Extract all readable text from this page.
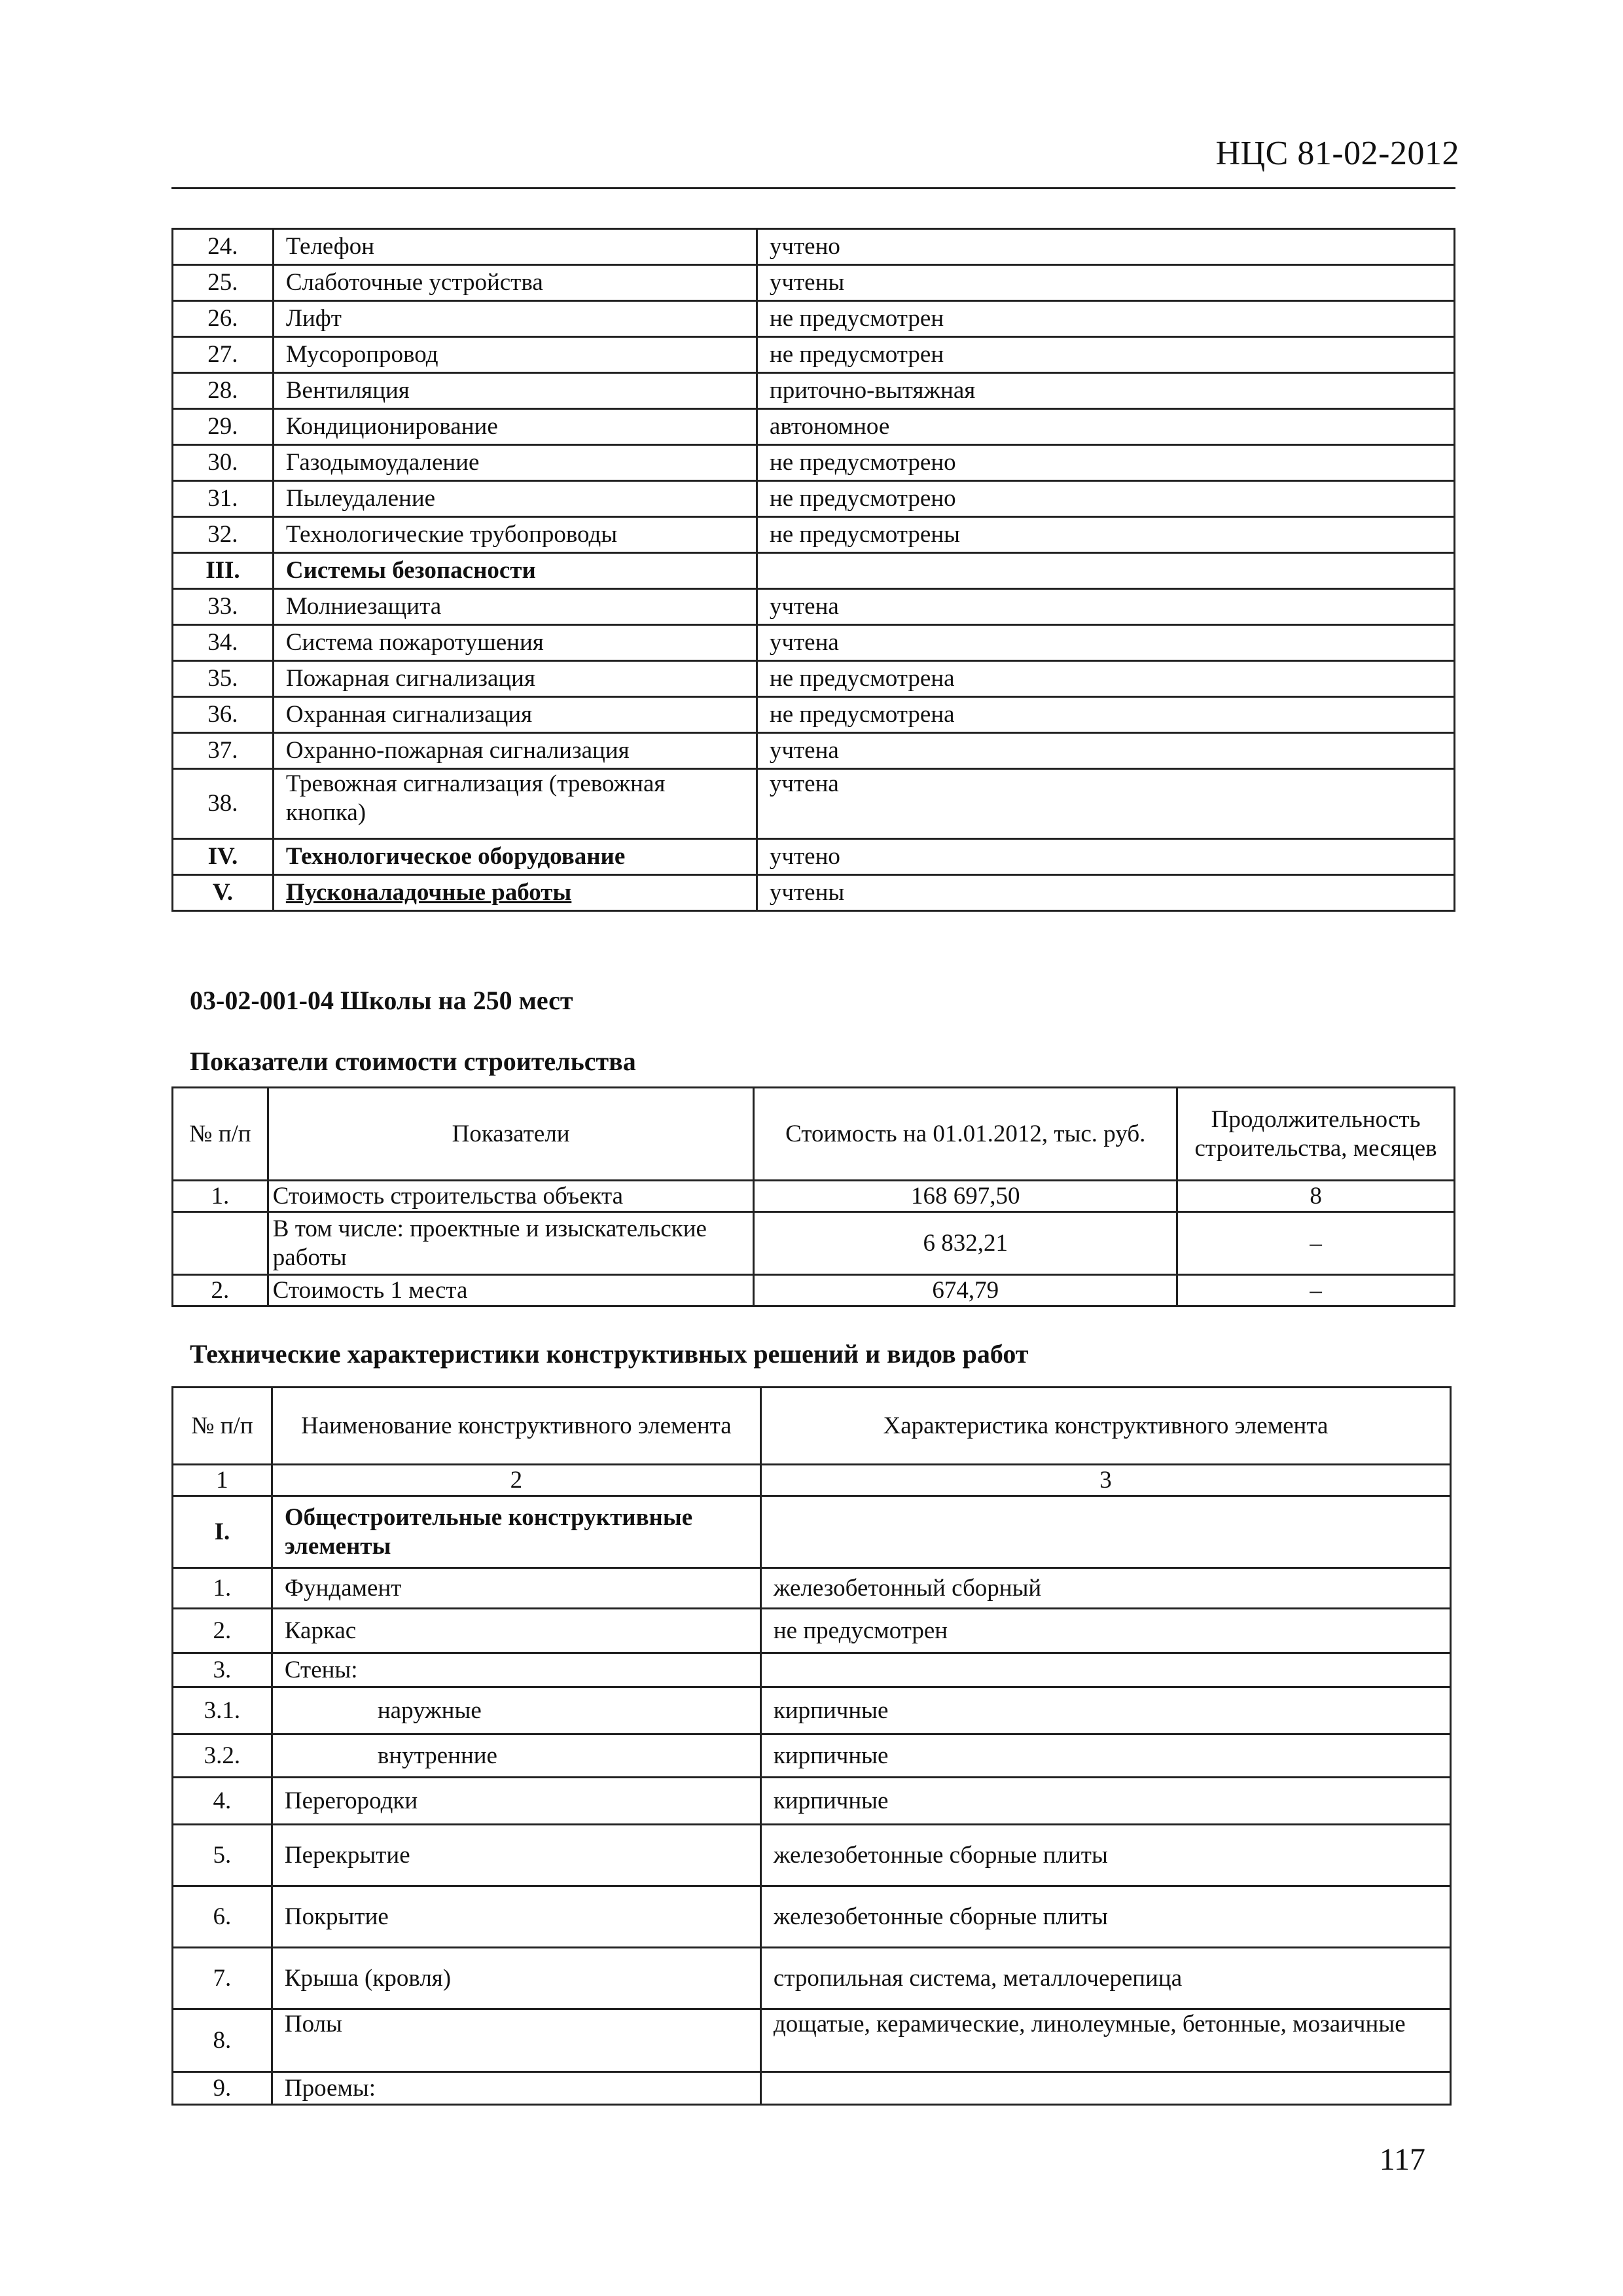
НЦС 81-02-2012
24.	Телефон	учтено
25.	Слаботочные устройства	учтены
26.	Лифт	не предусмотрен
27.	Мусоропровод	не предусмотрен
28.	Вентиляция	приточно-вытяжная
29.	Кондиционирование	автономное
30.	Газодымоудаление	не предусмотрено
31.	Пылеудаление	не предусмотрено
32.	Технологические трубопроводы	не предусмотрены
III.	Системы безопасности	
33.	Молниезащита	учтена
34.	Система пожаротушения	учтена
35.	Пожарная сигнализация	не предусмотрена
36.	Охранная сигнализация	не предусмотрена
37.	Охранно-пожарная сигнализация	учтена
38.	Тревожная сигнализация (тревожная кнопка)	учтена
IV.	Технологическое оборудование	учтено
V.	Пусконаладочные работы	учтены
03-02-001-04 Школы на 250 мест
Показатели стоимости строительства
№ п/п	Показатели	Стоимость на 01.01.2012, тыс. руб.	Продолжительность строительства, месяцев
1.	Стоимость строительства объекта	168 697,50	8
	В том числе: проектные и изыскательские работы	6 832,21	–
2.	Стоимость 1 места	674,79	–
Технические характеристики конструктивных решений и видов работ
№ п/п	Наименование конструктивного элемента	Характеристика конструктивного элемента
1	2	3
I.	Общестроительные конструктивные элементы	
1.	Фундамент	железобетонный сборный
2.	Каркас	не предусмотрен
3.	Стены:	
3.1.	наружные	кирпичные
3.2.	внутренние	кирпичные
4.	Перегородки	кирпичные
5.	Перекрытие	железобетонные сборные плиты
6.	Покрытие	железобетонные сборные плиты
7.	Крыша (кровля)	стропильная система, металлочерепица
8.	Полы	дощатые, керамические, линолеумные, бетонные, мозаичные
9.	Проемы:	
117
